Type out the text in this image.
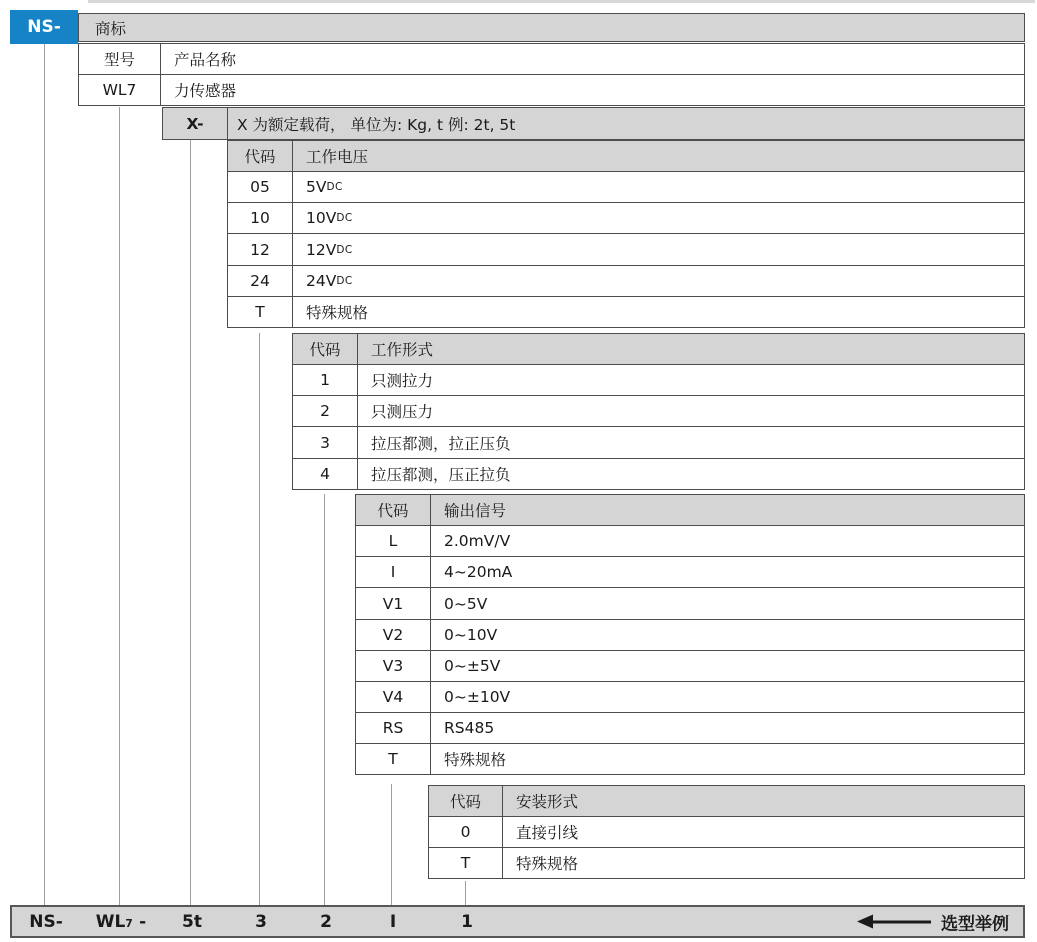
NS- 商标
型号	产品名称
WL7	力传感器
X-	X 为额定载荷， 单位为: Kg, t 例: 2t, 5t
代码	工作电压
05	5V DC
10	10V DC
12	12V DC
24	24V DC
T	特殊规格
代码	工作形式
1	只测拉力
2	只测压力
3	拉压都测，拉正压负
4	拉压都测，压正拉负
代码	输出信号
L	2.0mV/V
I	4~20mA
V1	0~5V
V2	0~10V
V3	0~±5V
V4	0~±10V
RS	RS485
T	特殊规格
代码	安装形式
0	直接引线
T	特殊规格
NS- WL7 - 5t	3	2	I	1	选型举例
